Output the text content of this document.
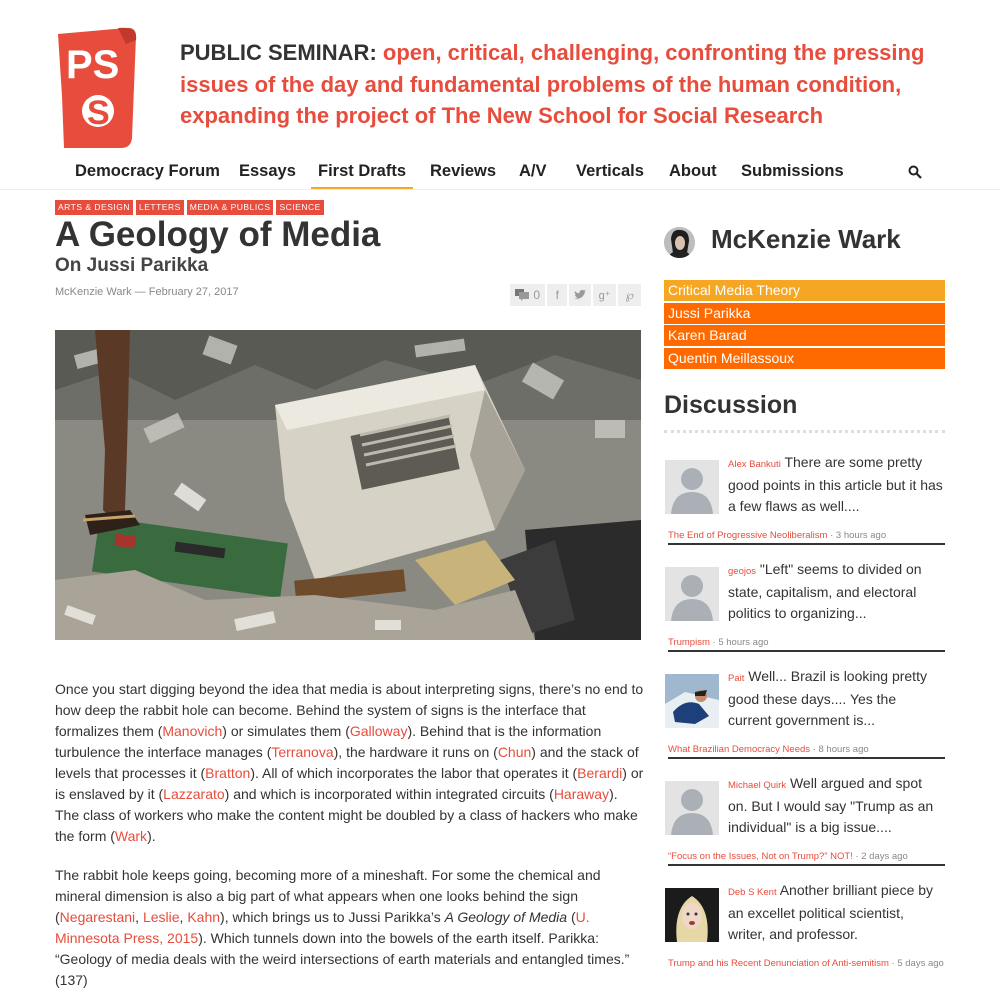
PS
S
PUBLIC SEMINAR: open, critical, challenging, confronting the pressing issues of the day and fundamental problems of the human condition, expanding the project of The New School for Social Research
Democracy Forum Essays	First Drafts	Reviews A/V Verticals About Submissions
ARTS & DESIGN	LETTERS	MEDIA & PUBLICS	SCIENCE
A Geology of Media
On Jussi Parikka
McKenzie Wark — February 27, 2017	0	f	g⁺	℘

Once you start digging beyond the idea that media is about interpreting signs, there’s no end to how deep the rabbit hole can become. Behind the system of signs is the interface that formalizes them (Manovich) or simulates them (Galloway). Behind that is the information turbulence the interface manages (Terranova), the hardware it runs on (Chun) and the stack of levels that processes it (Bratton). All of which incorporates the labor that operates it (Berardi) or is enslaved by it (Lazzarato) and which is incorporated within integrated circuits (Haraway). The class of workers who make the content might be doubled by a class of hackers who make the form (Wark).

The rabbit hole keeps going, becoming more of a mineshaft. For some the chemical and mineral dimension is also a big part of what appears when one looks behind the sign (Negarestani, Leslie, Kahn), which brings us to Jussi Parikka’s A Geology of Media (U. Minnesota Press, 2015). Which tunnels down into the bowels of the earth itself. Parikka: “Geology of media deals with the weird intersections of earth materials and entangled times.” (137)

McKenzie Wark
Critical Media Theory
Jussi Parikka
Karen Barad
Quentin Meillassoux
Discussion
Alex Bankuti There are some pretty good points in this article but it has a few flaws as well....
The End of Progressive Neoliberalism · 3 hours ago
geojos "Left" seems to divided on state, capitalism, and electoral politics to organizing...
Trumpism · 5 hours ago
Pait Well... Brazil is looking pretty good these days.... Yes the current government is...
What Brazilian Democracy Needs · 8 hours ago
Michael Quirk Well argued and spot on. But I would say "Trump as an individual" is a big issue....
“Focus on the Issues, Not on Trump?” NOT! · 2 days ago
Deb S Kent Another brilliant piece by an excellet political scientist, writer, and professor.
Trump and his Recent Denunciation of Anti-semitism · 5 days ago
